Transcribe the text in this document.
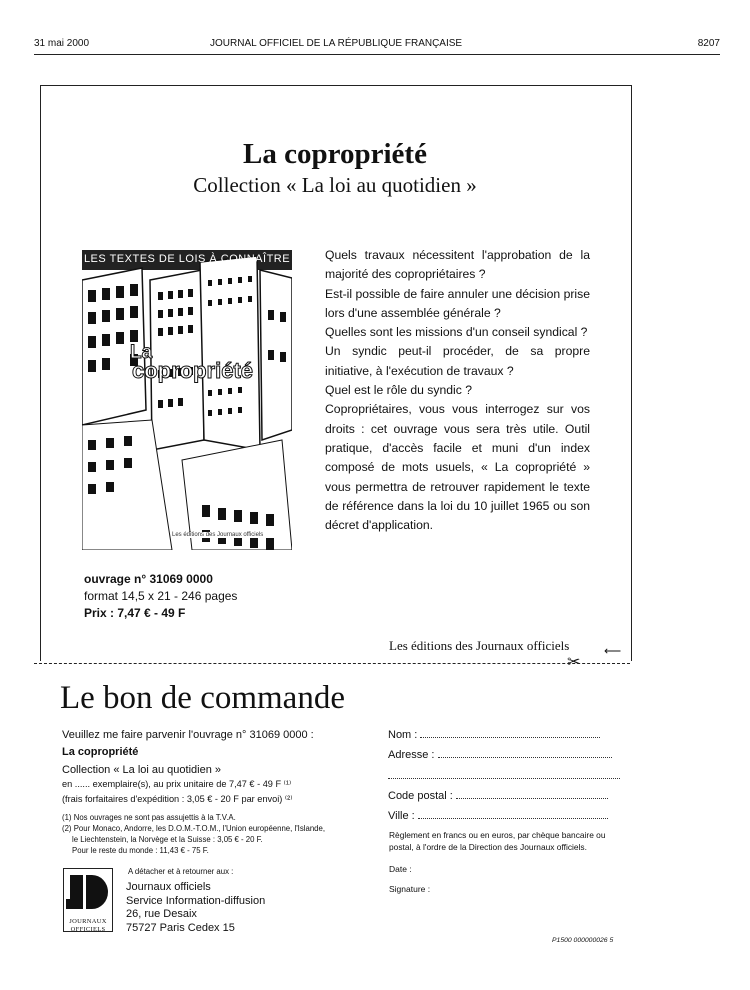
31 mai 2000	JOURNAL OFFICIEL DE LA RÉPUBLIQUE FRANÇAISE	8207
La copropriété
Collection « La loi au quotidien »
LES TEXTES DE LOIS À CONNAÎTRE
La
copropriété
Les éditions des Journaux officiels

Quels travaux nécessitent l'approbation de la majorité des copropriétaires ?

Est-il possible de faire annuler une décision prise lors d'une assemblée générale ?

Quelles sont les missions d'un conseil syndical ?

Un syndic peut-il procéder, de sa propre initiative, à l'exécution de travaux ?

Quel est le rôle du syndic ?

Copropriétaires, vous vous interrogez sur vos droits : cet ouvrage vous sera très utile. Outil pratique, d'accès facile et muni d'un index composé de mots usuels, « La copropriété » vous permettra de retrouver rapidement le texte de référence dans la loi du 10 juillet 1965 ou son décret d'application.

ouvrage n° 31069 0000
format 14,5 x 21 - 246 pages
Prix : 7,47 € - 49 F
Les éditions des Journaux officiels	⟵
✂
Le bon de commande
Veuillez me faire parvenir l'ouvrage n° 31069 0000 :
La copropriété
Collection « La loi au quotidien »
en ...... exemplaire(s), au prix unitaire de 7,47 € - 49 F ⁽¹⁾
(frais forfaitaires d'expédition : 3,05 € - 20 F par envoi) ⁽²⁾
(1) Nos ouvrages ne sont pas assujettis à la T.V.A.
(2) Pour Monaco, Andorre, les D.O.M.-T.O.M., l'Union européenne, l'Islande,
le Liechtenstein, la Norvège et la Suisse : 3,05 € - 20 F.
Pour le reste du monde : 11,43 € - 75 F.
JOURNAUX
OFFICIELS
A détacher et à retourner aux :
Journaux officiels
Service Information-diffusion
26, rue Desaix
75727 Paris Cedex 15
Nom :
Adresse :
Code postal :
Ville :
Règlement en francs ou en euros, par chèque bancaire ou postal, à l'ordre de la Direction des Journaux officiels.
Date :
Signature :
P1500 000000026 5
